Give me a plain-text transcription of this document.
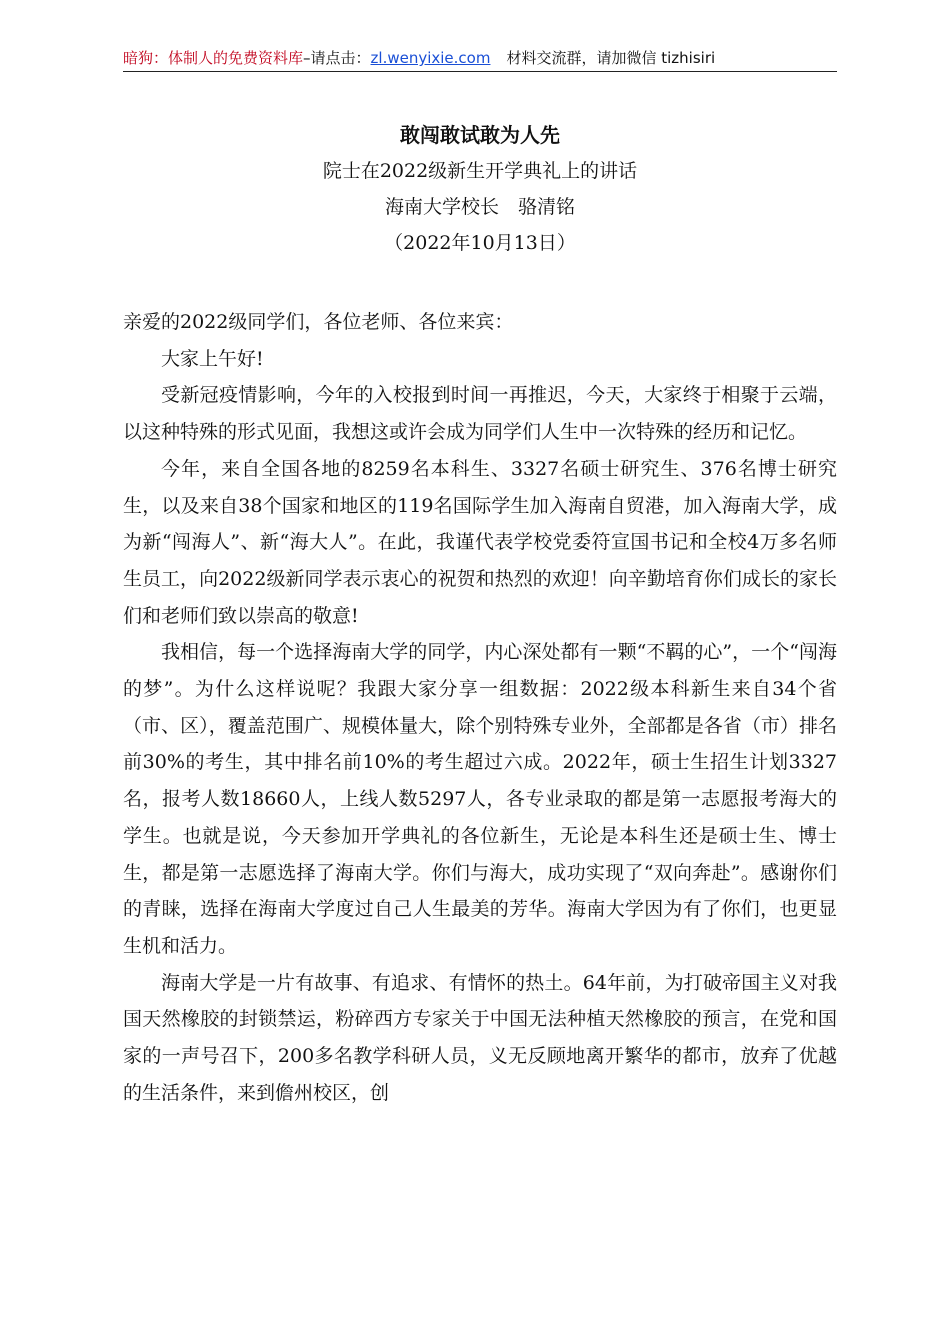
暗狗：体制人的免费资料库–请点击：zl.wenyixie.com 材料交流群，请加微信 tizhisiri
敢闯敢试敢为人先
院士在2022级新生开学典礼上的讲话
海南大学校长　骆清铭
（2022年10月13日）

亲爱的2022级同学们，各位老师、各位来宾：

大家上午好!

受新冠疫情影响，今年的入校报到时间一再推迟，今天，大家终于相聚于云端，以这种特殊的形式见面，我想这或许会成为同学们人生中一次特殊的经历和记忆。

今年，来自全国各地的8259名本科生、3327名硕士研究生、376名博士研究生，以及来自38个国家和地区的119名国际学生加入海南自贸港，加入海南大学，成为新“闯海人”、新“海大人”。在此，我谨代表学校党委符宣国书记和全校4万多名师生员工，向2022级新同学表示衷心的祝贺和热烈的欢迎！向辛勤培育你们成长的家长们和老师们致以崇高的敬意!

我相信，每一个选择海南大学的同学，内心深处都有一颗“不羁的心”，一个“闯海的梦”。为什么这样说呢？我跟大家分享一组数据：2022级本科新生来自34个省（市、区），覆盖范围广、规模体量大，除个别特殊专业外，全部都是各省（市）排名前30%的考生，其中排名前10%的考生超过六成。2022年，硕士生招生计划3327名，报考人数18660人，上线人数5297人，各专业录取的都是第一志愿报考海大的学生。也就是说，今天参加开学典礼的各位新生，无论是本科生还是硕士生、博士生，都是第一志愿选择了海南大学。你们与海大，成功实现了“双向奔赴”。感谢你们的青睐，选择在海南大学度过自己人生最美的芳华。海南大学因为有了你们，也更显生机和活力。

海南大学是一片有故事、有追求、有情怀的热土。64年前，为打破帝国主义对我国天然橡胶的封锁禁运，粉碎西方专家关于中国无法种植天然橡胶的预言，在党和国家的一声号召下，200多名教学科研人员，义无反顾地离开繁华的都市，放弃了优越的生活条件，来到儋州校区，创
